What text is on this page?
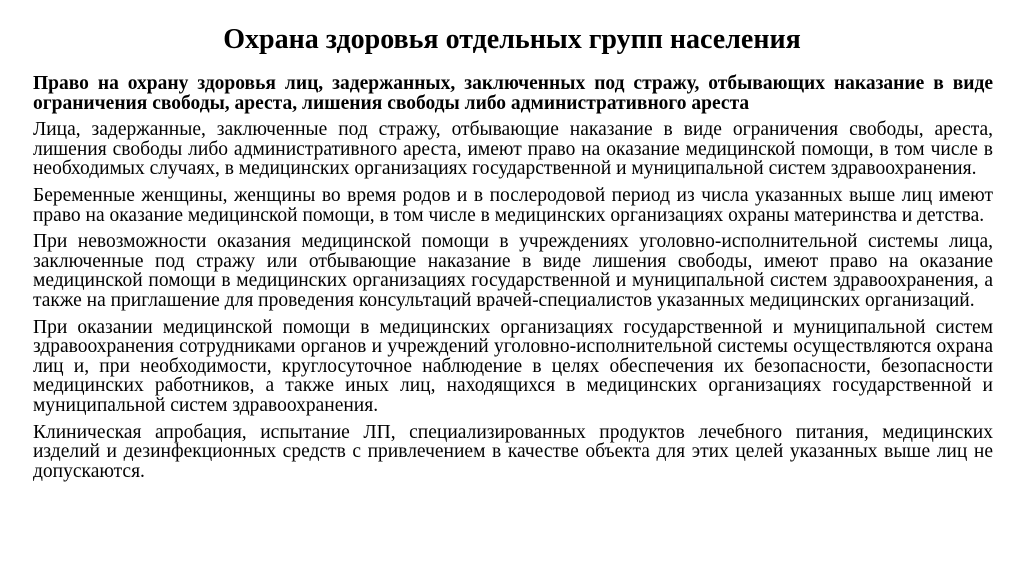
Охрана здоровья отдельных групп населения

Право на охрану здоровья лиц, задержанных, заключенных под стражу, отбывающих наказание в виде ограничения свободы, ареста, лишения свободы либо административного ареста

Лица, задержанные, заключенные под стражу, отбывающие наказание в виде ограничения свободы, ареста, лишения свободы либо административного ареста, имеют право на оказание медицинской помощи, в том числе в необходимых случаях, в медицинских организациях государственной и муниципальной систем здравоохранения.

Беременные женщины, женщины во время родов и в послеродовой период из числа указанных выше лиц имеют право на оказание медицинской помощи, в том числе в медицинских организациях охраны материнства и детства.

При невозможности оказания медицинской помощи в учреждениях уголовно-исполнительной системы лица, заключенные под стражу или отбывающие наказание в виде лишения свободы, имеют право на оказание медицинской помощи в медицинских организациях государственной и муниципальной систем здравоохранения, а также на приглашение для проведения консультаций врачей-специалистов указанных медицинских организаций.

При оказании медицинской помощи в медицинских организациях государственной и муниципальной систем здравоохранения сотрудниками органов и учреждений уголовно-исполнительной системы осуществляются охрана лиц и, при необходимости, круглосуточное наблюдение в целях обеспечения их безопасности, безопасности медицинских работников, а также иных лиц, находящихся в медицинских организациях государственной и муниципальной систем здравоохранения.

Клиническая апробация, испытание ЛП, специализированных продуктов лечебного питания, медицинских изделий и дезинфекционных средств с привлечением в качестве объекта для этих целей указанных выше лиц не допускаются.
